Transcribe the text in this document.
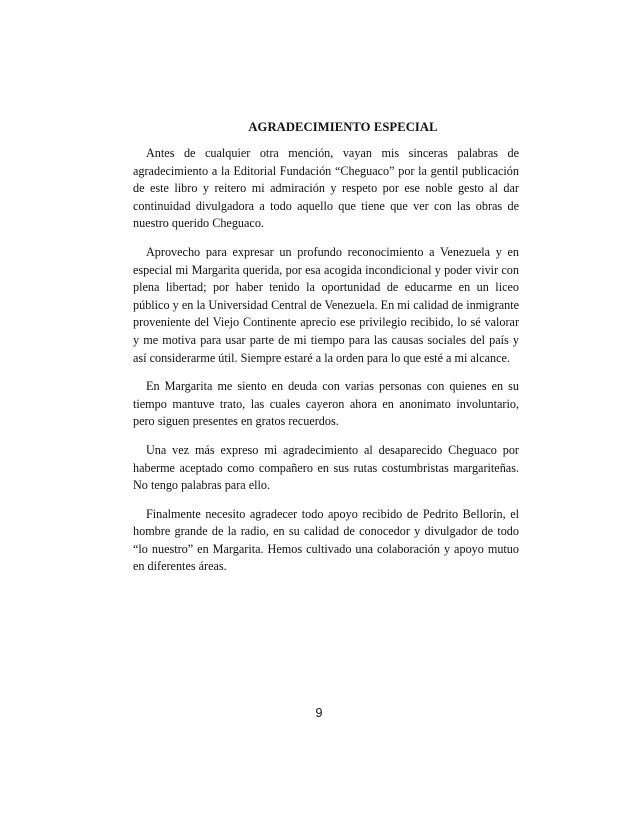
AGRADECIMIENTO ESPECIAL

Antes de cualquier otra mención, vayan mis sinceras palabras de agradecimiento a la Editorial Fundación “Cheguaco” por la gentil publicación de este libro y reitero mi admiración y respeto por ese noble gesto al dar continuidad divulgadora a todo aquello que tiene que ver con las obras de nuestro querido Cheguaco.

Aprovecho para expresar un profundo reconocimiento a Venezuela y en especial mi Margarita querida, por esa acogida incondicional y poder vivir con plena libertad; por haber tenido la oportunidad de educarme en un liceo público y en la Universidad Central de Venezuela. En mi calidad de inmigrante proveniente del Viejo Continente aprecio ese privilegio recibido, lo sé valorar y me motiva para usar parte de mi tiempo para las causas sociales del país y así considerarme útil. Siempre estaré a la orden para lo que esté a mi alcance.

En Margarita me siento en deuda con varias personas con quienes en su tiempo mantuve trato, las cuales cayeron ahora en anonimato involuntario, pero siguen presentes en gratos recuerdos.

Una vez más expreso mi agradecimiento al desaparecido Cheguaco por haberme aceptado como compañero en sus rutas costumbristas margariteñas. No tengo palabras para ello.

Finalmente necesito agradecer todo apoyo recibido de Pedrito Bellorín, el hombre grande de la radio, en su calidad de conocedor y divulgador de todo “lo nuestro” en Margarita. Hemos cultivado una colaboración y apoyo mutuo en diferentes áreas.

9
